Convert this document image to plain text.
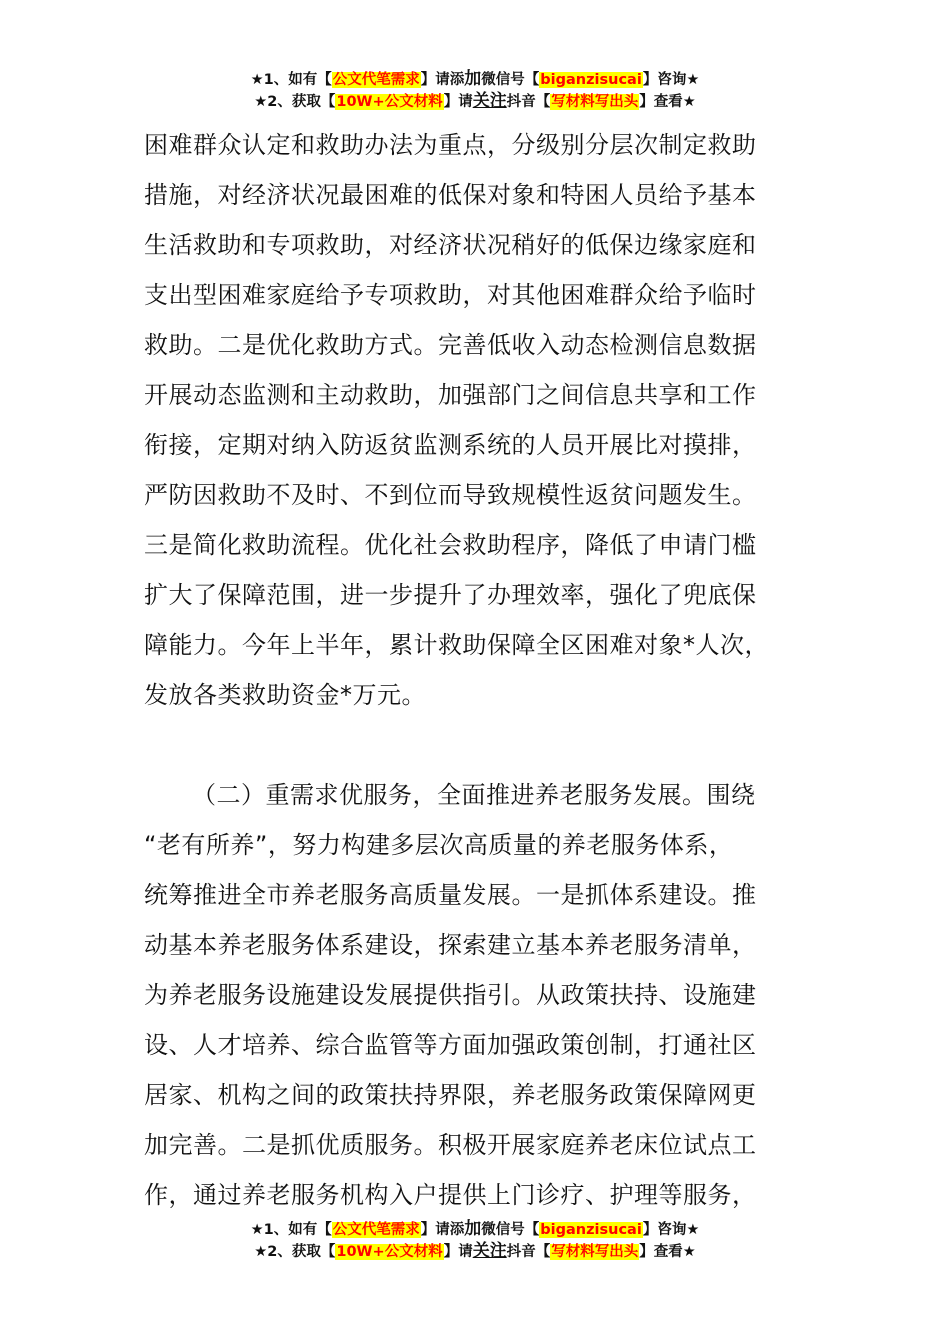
★1、如有【公文代笔需求】请添加微信号【biganzisucai】咨询★
★2、获取【10W+公文材料】请关注抖音【写材料写出头】查看★
困难群众认定和救助办法为重点，分级别分层次制定救助
措施，对经济状况最困难的低保对象和特困人员给予基本
生活救助和专项救助，对经济状况稍好的低保边缘家庭和
支出型困难家庭给予专项救助，对其他困难群众给予临时
救助。二是优化救助方式。完善低收入动态检测信息数据
开展动态监测和主动救助，加强部门之间信息共享和工作
衔接，定期对纳入防返贫监测系统的人员开展比对摸排，
严防因救助不及时、不到位而导致规模性返贫问题发生。
三是简化救助流程。优化社会救助程序，降低了申请门槛
扩大了保障范围，进一步提升了办理效率，强化了兜底保
障能力。今年上半年，累计救助保障全区困难对象*人次，
发放各类救助资金*万元。
（二）重需求优服务，全面推进养老服务发展。围绕
“老有所养”，努力构建多层次高质量的养老服务体系，
统筹推进全市养老服务高质量发展。一是抓体系建设。推
动基本养老服务体系建设，探索建立基本养老服务清单，
为养老服务设施建设发展提供指引。从政策扶持、设施建
设、人才培养、综合监管等方面加强政策创制，打通社区
居家、机构之间的政策扶持界限，养老服务政策保障网更
加完善。二是抓优质服务。积极开展家庭养老床位试点工
作，通过养老服务机构入户提供上门诊疗、护理等服务，
★1、如有【公文代笔需求】请添加微信号【biganzisucai】咨询★
★2、获取【10W+公文材料】请关注抖音【写材料写出头】查看★
